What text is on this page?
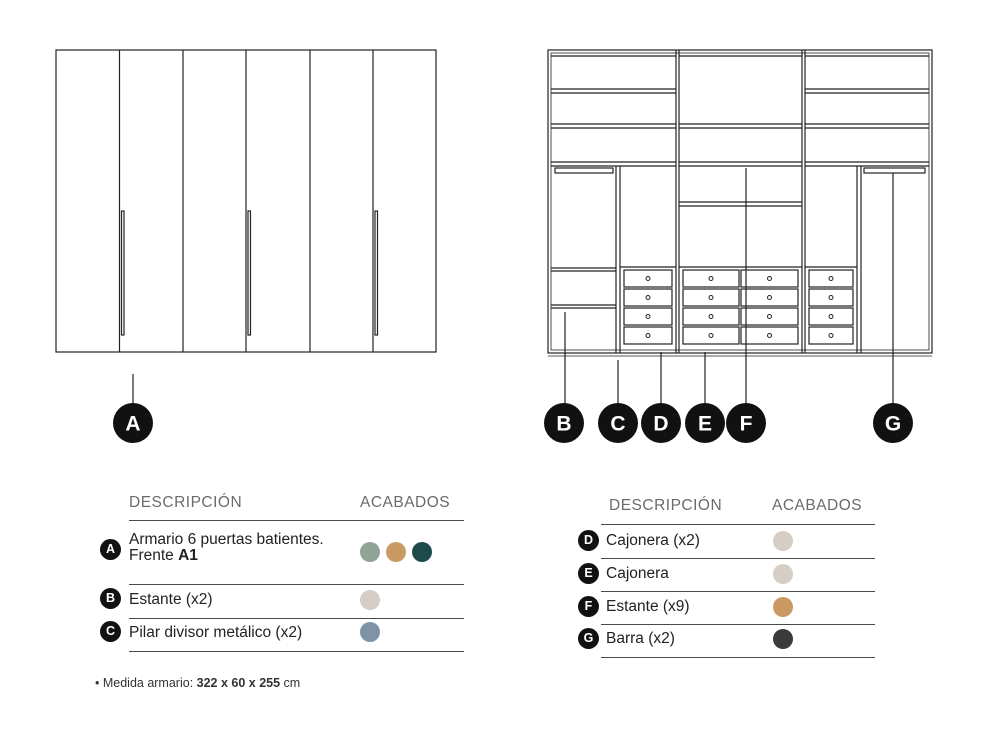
A	B C D E F	G
DESCRIPCIÓN	ACABADOS
A
Armario 6 puertas batientes.
Frente A1
B Estante (x2)
C Pilar divisor metálico (x2)
DESCRIPCIÓN	ACABADOS
D Cajonera (x2)
E Cajonera
F Estante (x9)
G Barra (x2)
• Medida armario: 322 x 60 x 255 cm
